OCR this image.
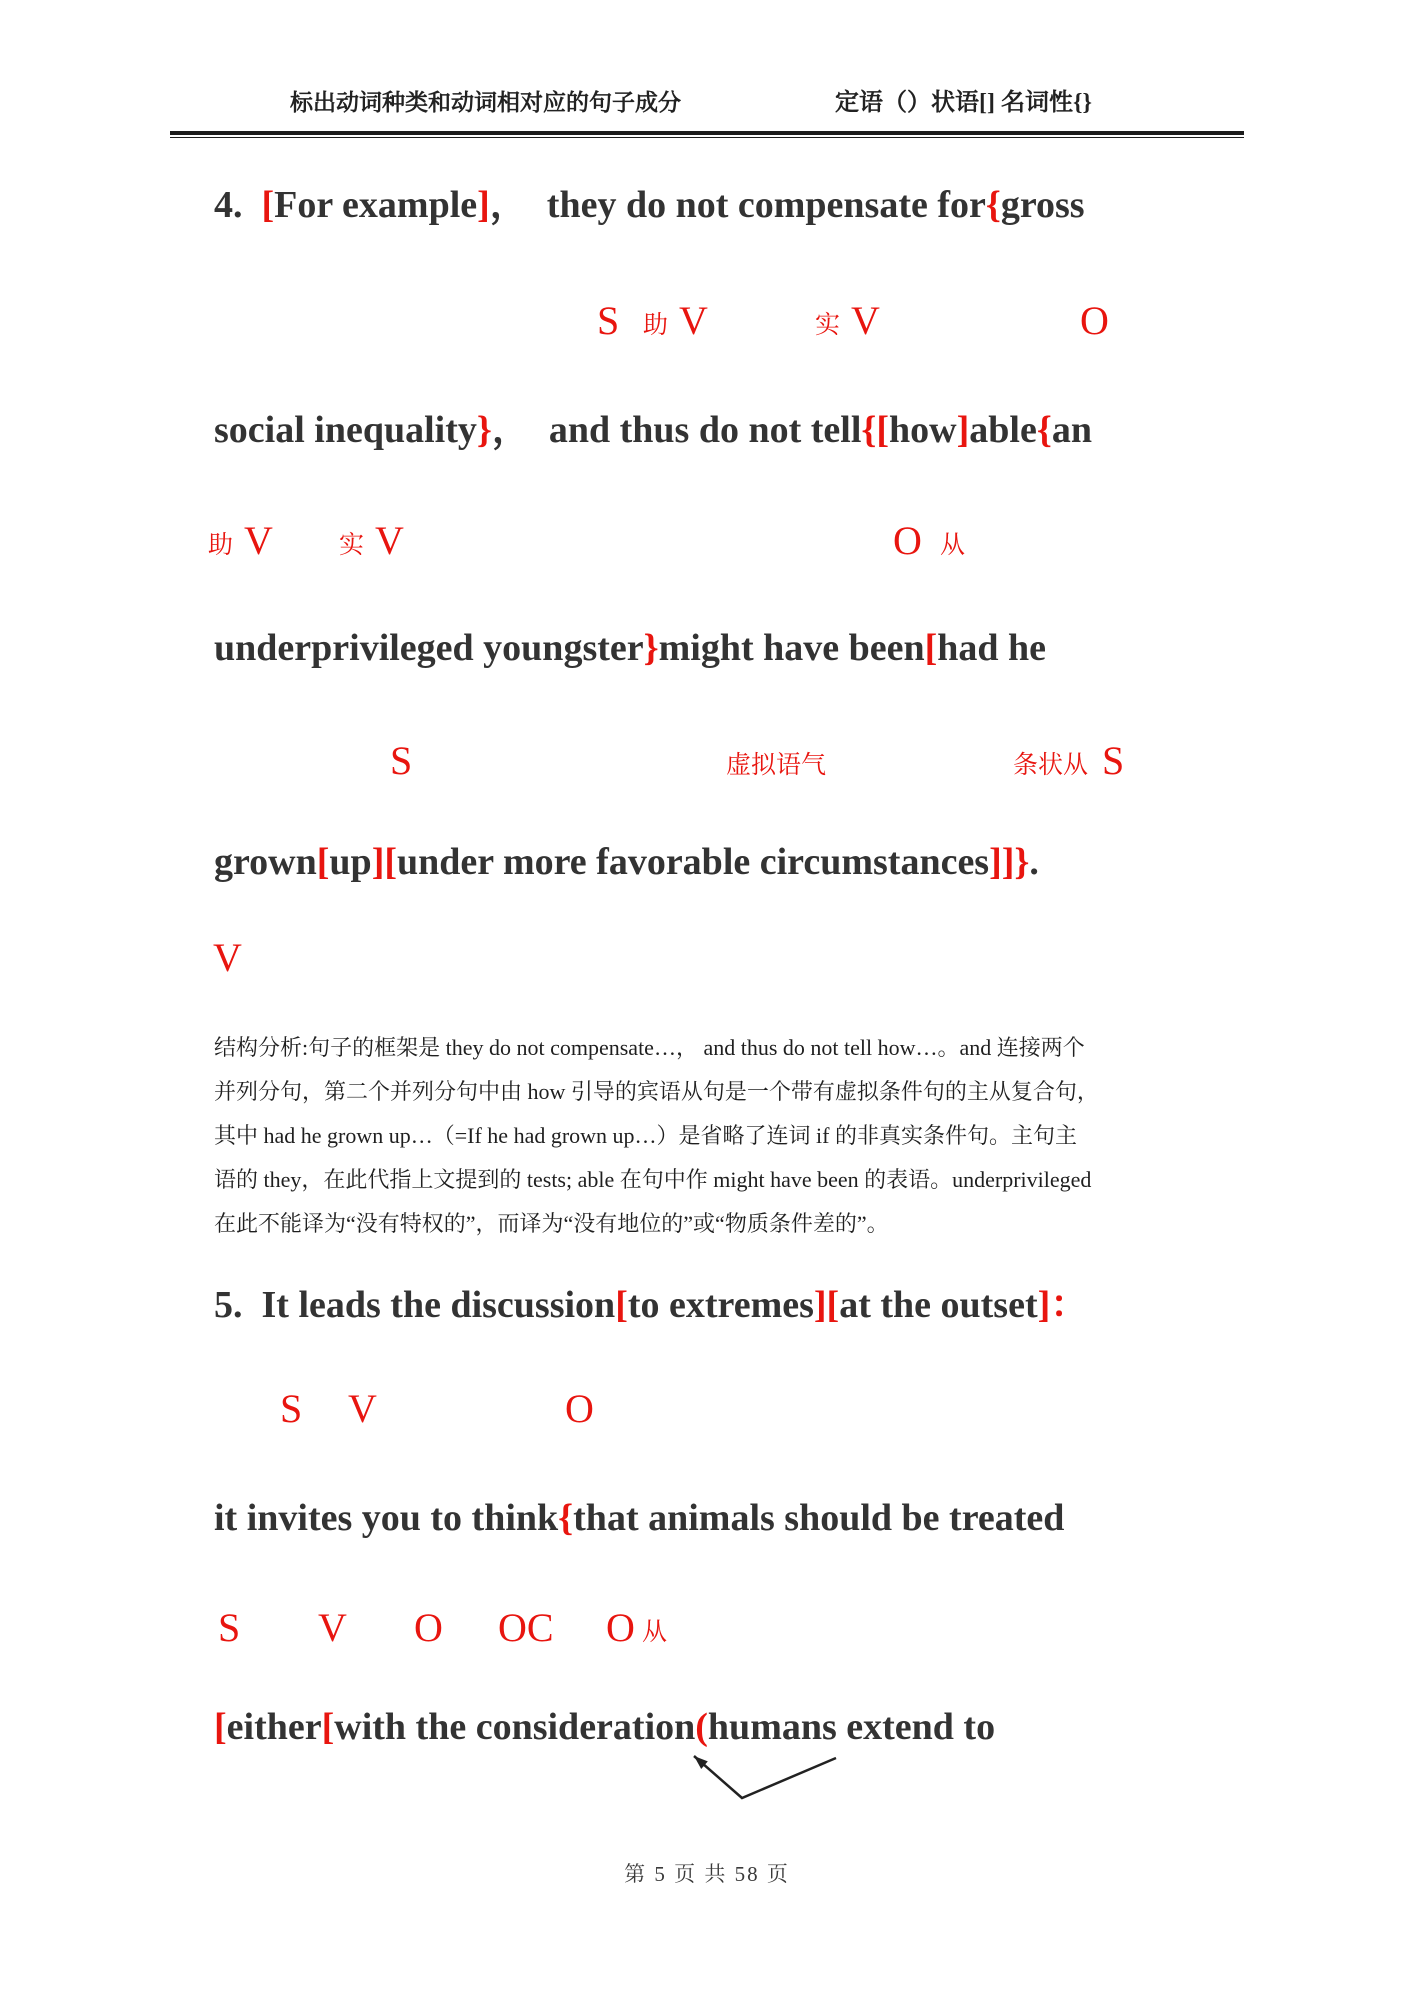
标出动词种类和动词相对应的句子成分	定语（）状语[] 名词性{}
4.  [For example]，  they do not compensate for{gross
S 助 V	实 V	O
social inequality}，  and thus do not tell{[how]able{an
助 V	实 V	O 从
underprivileged youngster}might have been[had he
S	虚拟语气	条状从 S
grown[up][under more favorable circumstances]]}.
V
结构分析:句子的框架是 they do not compensate…， and thus do not tell how…。and 连接两个
并列分句，第二个并列分句中由 how 引导的宾语从句是一个带有虚拟条件句的主从复合句，
其中 had he grown up…（=If he had grown up…）是省略了连词 if 的非真实条件句。主句主
语的 they，在此代指上文提到的 tests; able 在句中作 might have been 的表语。underprivileged
在此不能译为“没有特权的”，而译为“没有地位的”或“物质条件差的”。
5.  It leads the discussion[to extremes][at the outset]：
S V	O
it invites you to think{that animals should be treated
S V O OC O 从
[either[with the consideration(humans extend to
第 5 页 共 58 页
